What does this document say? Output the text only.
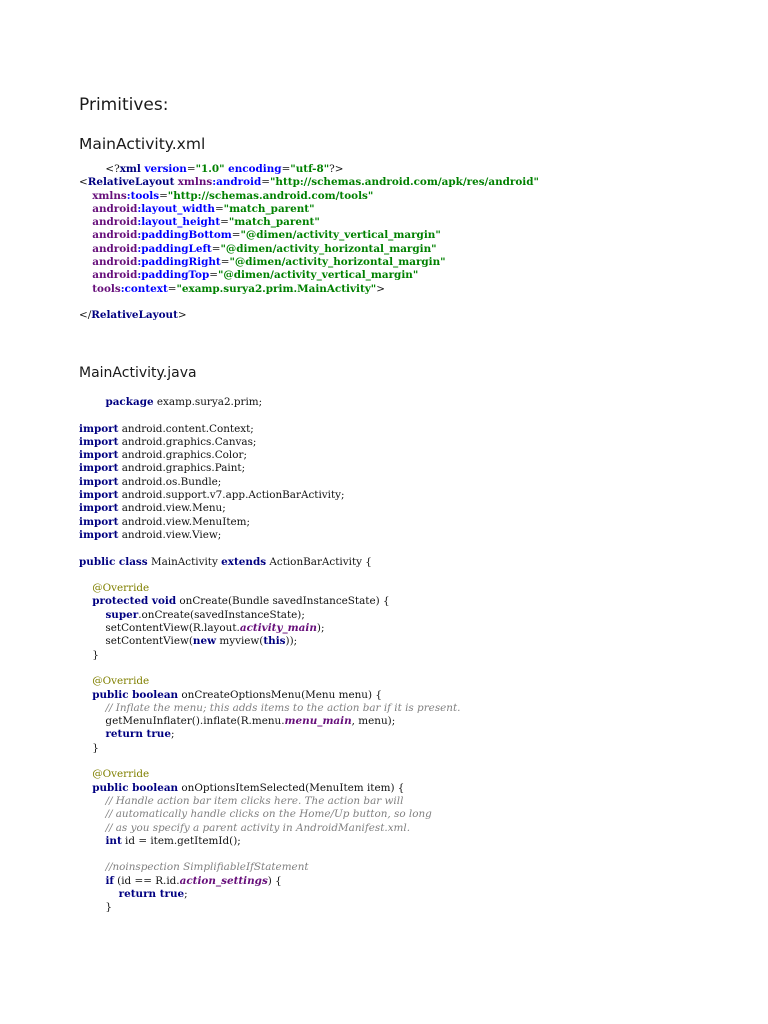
Primitives:
MainActivity.xml
<?xml version="1.0" encoding="utf-8"?>
<RelativeLayout xmlns:android="http://schemas.android.com/apk/res/android"
xmlns:tools="http://schemas.android.com/tools"
android:layout_width="match_parent"
android:layout_height="match_parent"
android:paddingBottom="@dimen/activity_vertical_margin"
android:paddingLeft="@dimen/activity_horizontal_margin"
android:paddingRight="@dimen/activity_horizontal_margin"
android:paddingTop="@dimen/activity_vertical_margin"
tools:context="examp.surya2.prim.MainActivity">
</RelativeLayout>
MainActivity.java
package examp.surya2.prim;
import android.content.Context;
import android.graphics.Canvas;
import android.graphics.Color;
import android.graphics.Paint;
import android.os.Bundle;
import android.support.v7.app.ActionBarActivity;
import android.view.Menu;
import android.view.MenuItem;
import android.view.View;
public class MainActivity extends ActionBarActivity {
@Override
protected void onCreate(Bundle savedInstanceState) {
super.onCreate(savedInstanceState);
setContentView(R.layout.activity_main);
setContentView(new myview(this));
}
@Override
public boolean onCreateOptionsMenu(Menu menu) {
// Inflate the menu; this adds items to the action bar if it is present.
getMenuInflater().inflate(R.menu.menu_main, menu);
return true;
}
@Override
public boolean onOptionsItemSelected(MenuItem item) {
// Handle action bar item clicks here. The action bar will
// automatically handle clicks on the Home/Up button, so long
// as you specify a parent activity in AndroidManifest.xml.
int id = item.getItemId();
//noinspection SimplifiableIfStatement
if (id == R.id.action_settings) {
return true;
}
